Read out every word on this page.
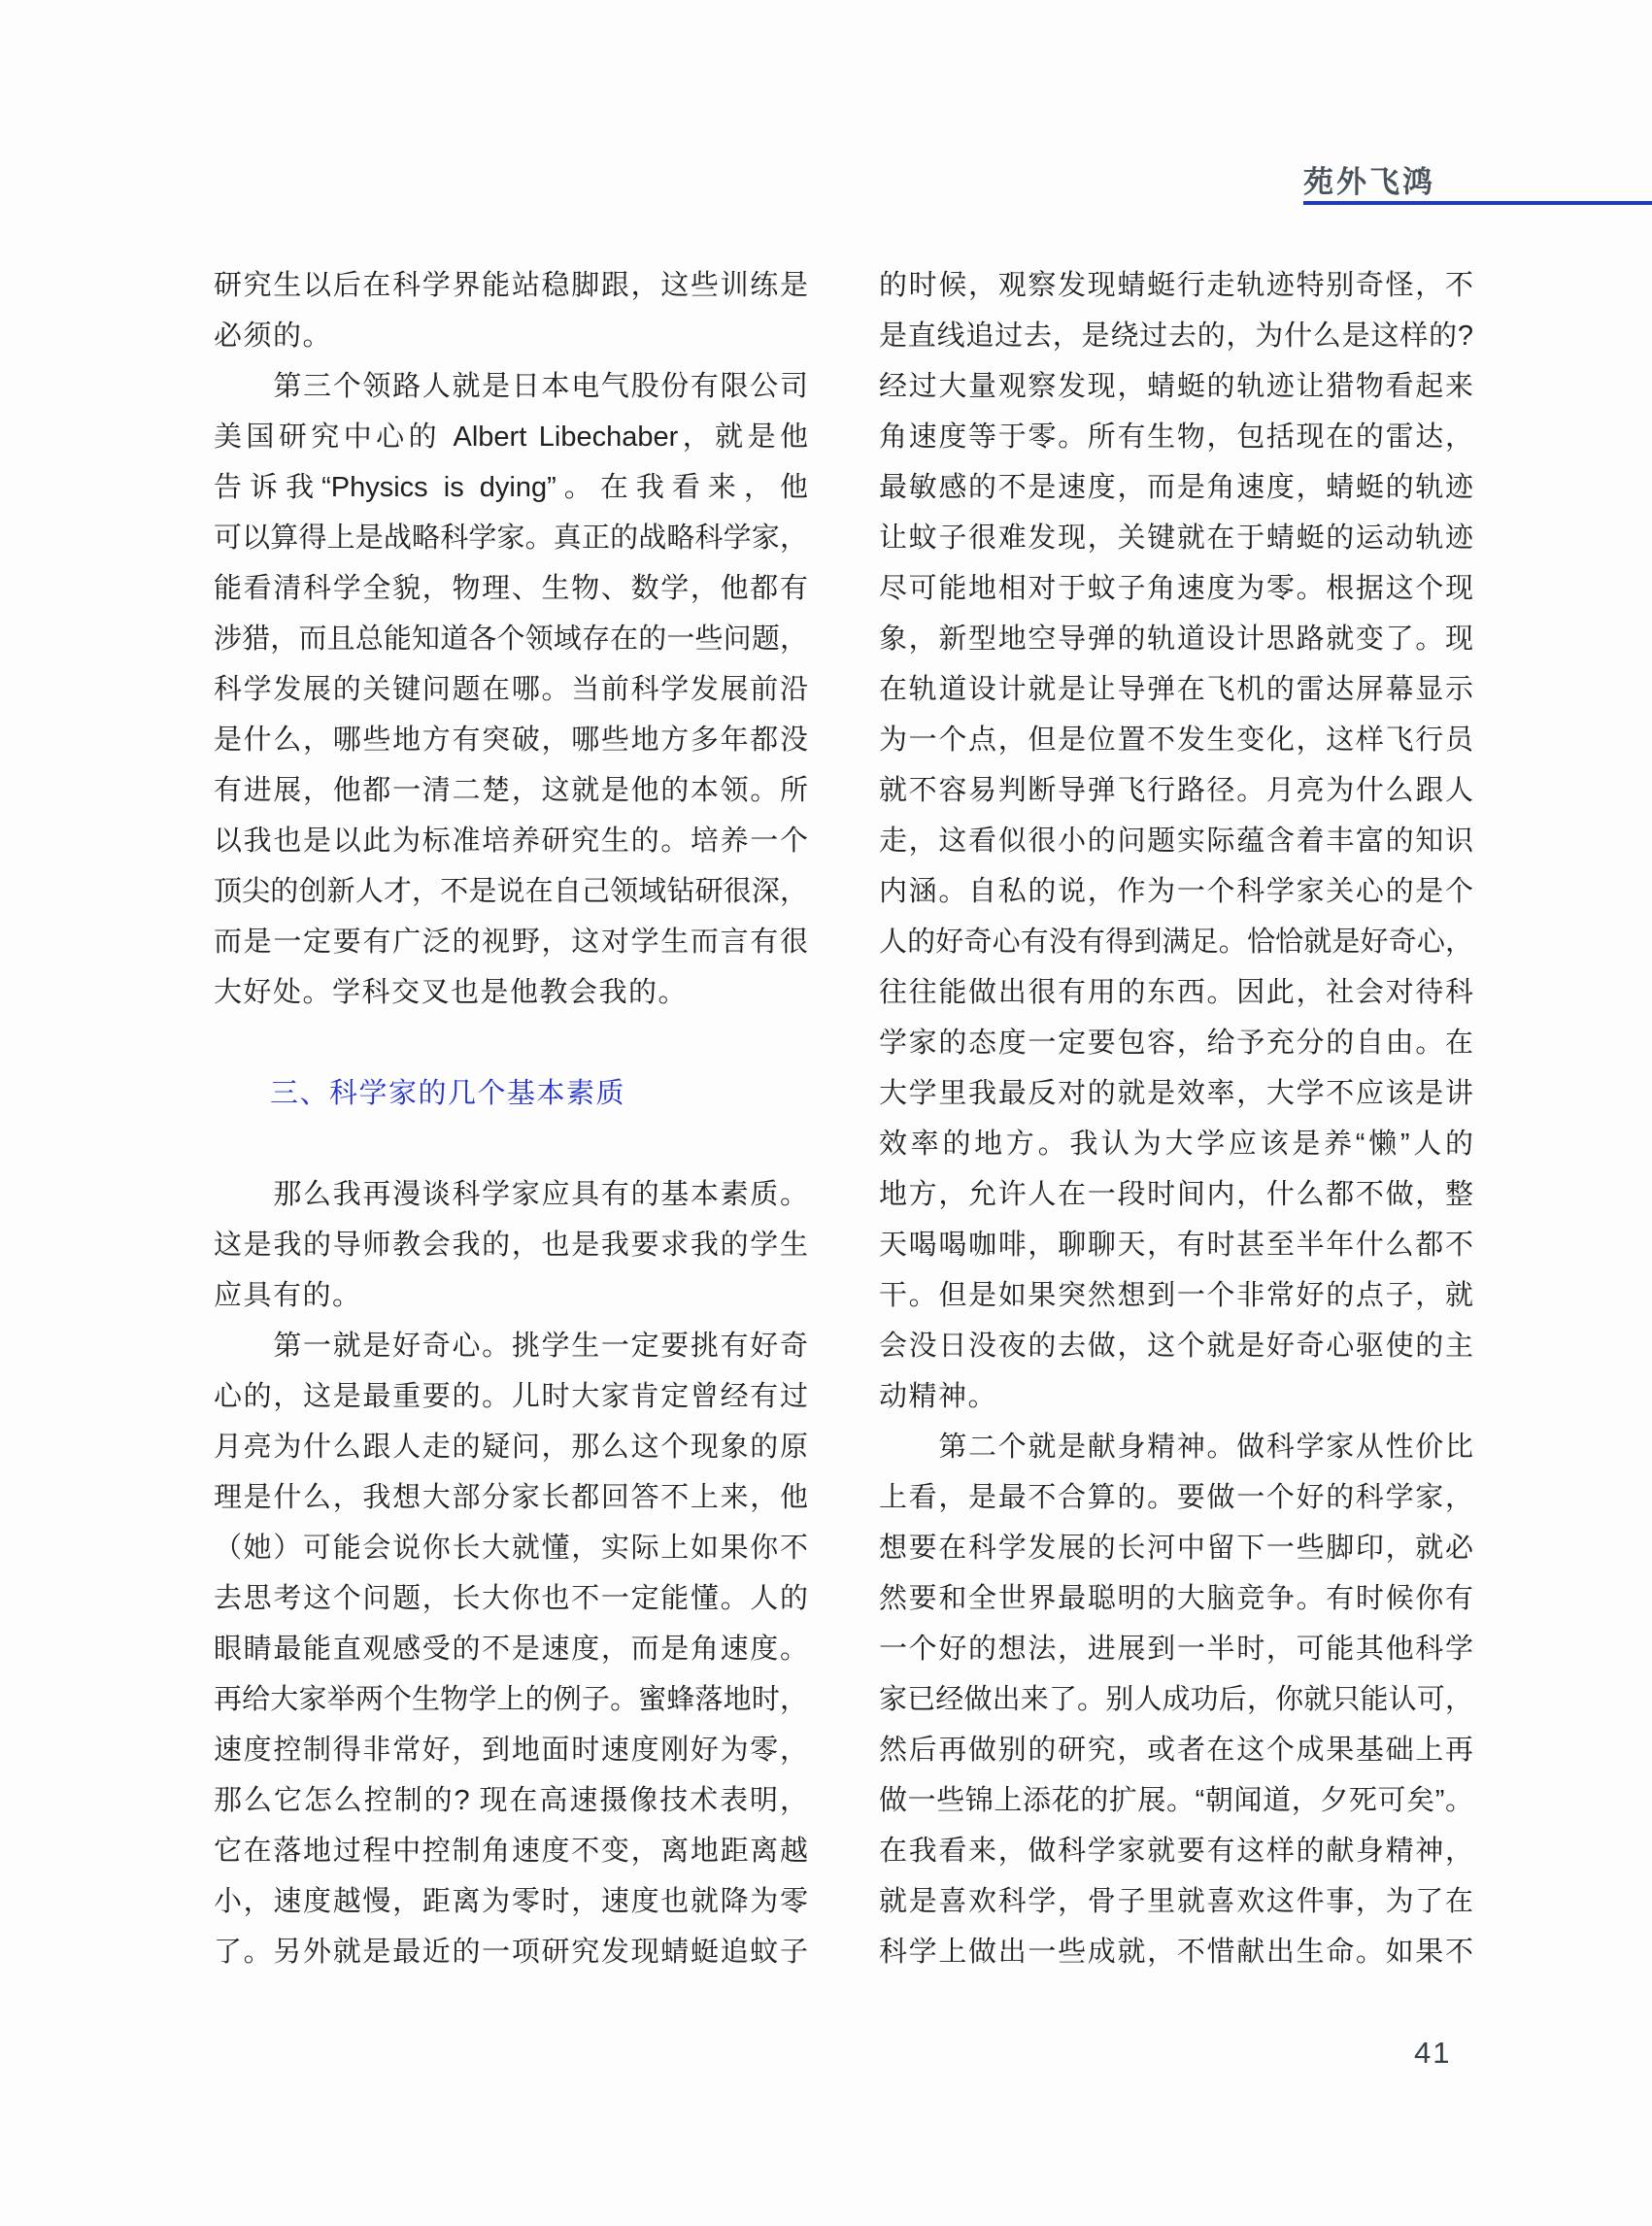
苑外飞鸿
研究生以后在科学界能站稳脚跟，这些训练是
必须的。
　　第三个领路人就是日本电气股份有限公司
美国研究中心的 Albert Libechaber，就是他
告诉我“Physics is dying”。在我看来，他
可以算得上是战略科学家。真正的战略科学家，
能看清科学全貌，物理、生物、数学，他都有
涉猎，而且总能知道各个领域存在的一些问题，
科学发展的关键问题在哪。当前科学发展前沿
是什么，哪些地方有突破，哪些地方多年都没
有进展，他都一清二楚，这就是他的本领。所
以我也是以此为标准培养研究生的。培养一个
顶尖的创新人才，不是说在自己领域钻研很深，
而是一定要有广泛的视野，这对学生而言有很
大好处。学科交叉也是他教会我的。
三、科学家的几个基本素质
　　那么我再漫谈科学家应具有的基本素质。
这是我的导师教会我的，也是我要求我的学生
应具有的。
　　第一就是好奇心。挑学生一定要挑有好奇
心的，这是最重要的。儿时大家肯定曾经有过
月亮为什么跟人走的疑问，那么这个现象的原
理是什么，我想大部分家长都回答不上来，他
（她）可能会说你长大就懂，实际上如果你不
去思考这个问题，长大你也不一定能懂。人的
眼睛最能直观感受的不是速度，而是角速度。
再给大家举两个生物学上的例子。蜜蜂落地时，
速度控制得非常好，到地面时速度刚好为零，
那么它怎么控制的? 现在高速摄像技术表明，
它在落地过程中控制角速度不变，离地距离越
小，速度越慢，距离为零时，速度也就降为零
了。另外就是最近的一项研究发现蜻蜓追蚊子
的时候，观察发现蜻蜓行走轨迹特别奇怪，不
是直线追过去，是绕过去的，为什么是这样的?
经过大量观察发现，蜻蜓的轨迹让猎物看起来
角速度等于零。所有生物，包括现在的雷达，
最敏感的不是速度，而是角速度，蜻蜓的轨迹
让蚊子很难发现，关键就在于蜻蜓的运动轨迹
尽可能地相对于蚊子角速度为零。根据这个现
象，新型地空导弹的轨道设计思路就变了。现
在轨道设计就是让导弹在飞机的雷达屏幕显示
为一个点，但是位置不发生变化，这样飞行员
就不容易判断导弹飞行路径。月亮为什么跟人
走，这看似很小的问题实际蕴含着丰富的知识
内涵。自私的说，作为一个科学家关心的是个
人的好奇心有没有得到满足。恰恰就是好奇心，
往往能做出很有用的东西。因此，社会对待科
学家的态度一定要包容，给予充分的自由。在
大学里我最反对的就是效率，大学不应该是讲
效率的地方。我认为大学应该是养“懒”人的
地方，允许人在一段时间内，什么都不做，整
天喝喝咖啡，聊聊天，有时甚至半年什么都不
干。但是如果突然想到一个非常好的点子，就
会没日没夜的去做，这个就是好奇心驱使的主
动精神。
　　第二个就是献身精神。做科学家从性价比
上看，是最不合算的。要做一个好的科学家，
想要在科学发展的长河中留下一些脚印，就必
然要和全世界最聪明的大脑竞争。有时候你有
一个好的想法，进展到一半时，可能其他科学
家已经做出来了。别人成功后，你就只能认可，
然后再做别的研究，或者在这个成果基础上再
做一些锦上添花的扩展。“朝闻道，夕死可矣”。
在我看来，做科学家就要有这样的献身精神，
就是喜欢科学，骨子里就喜欢这件事，为了在
科学上做出一些成就，不惜献出生命。如果不
41
